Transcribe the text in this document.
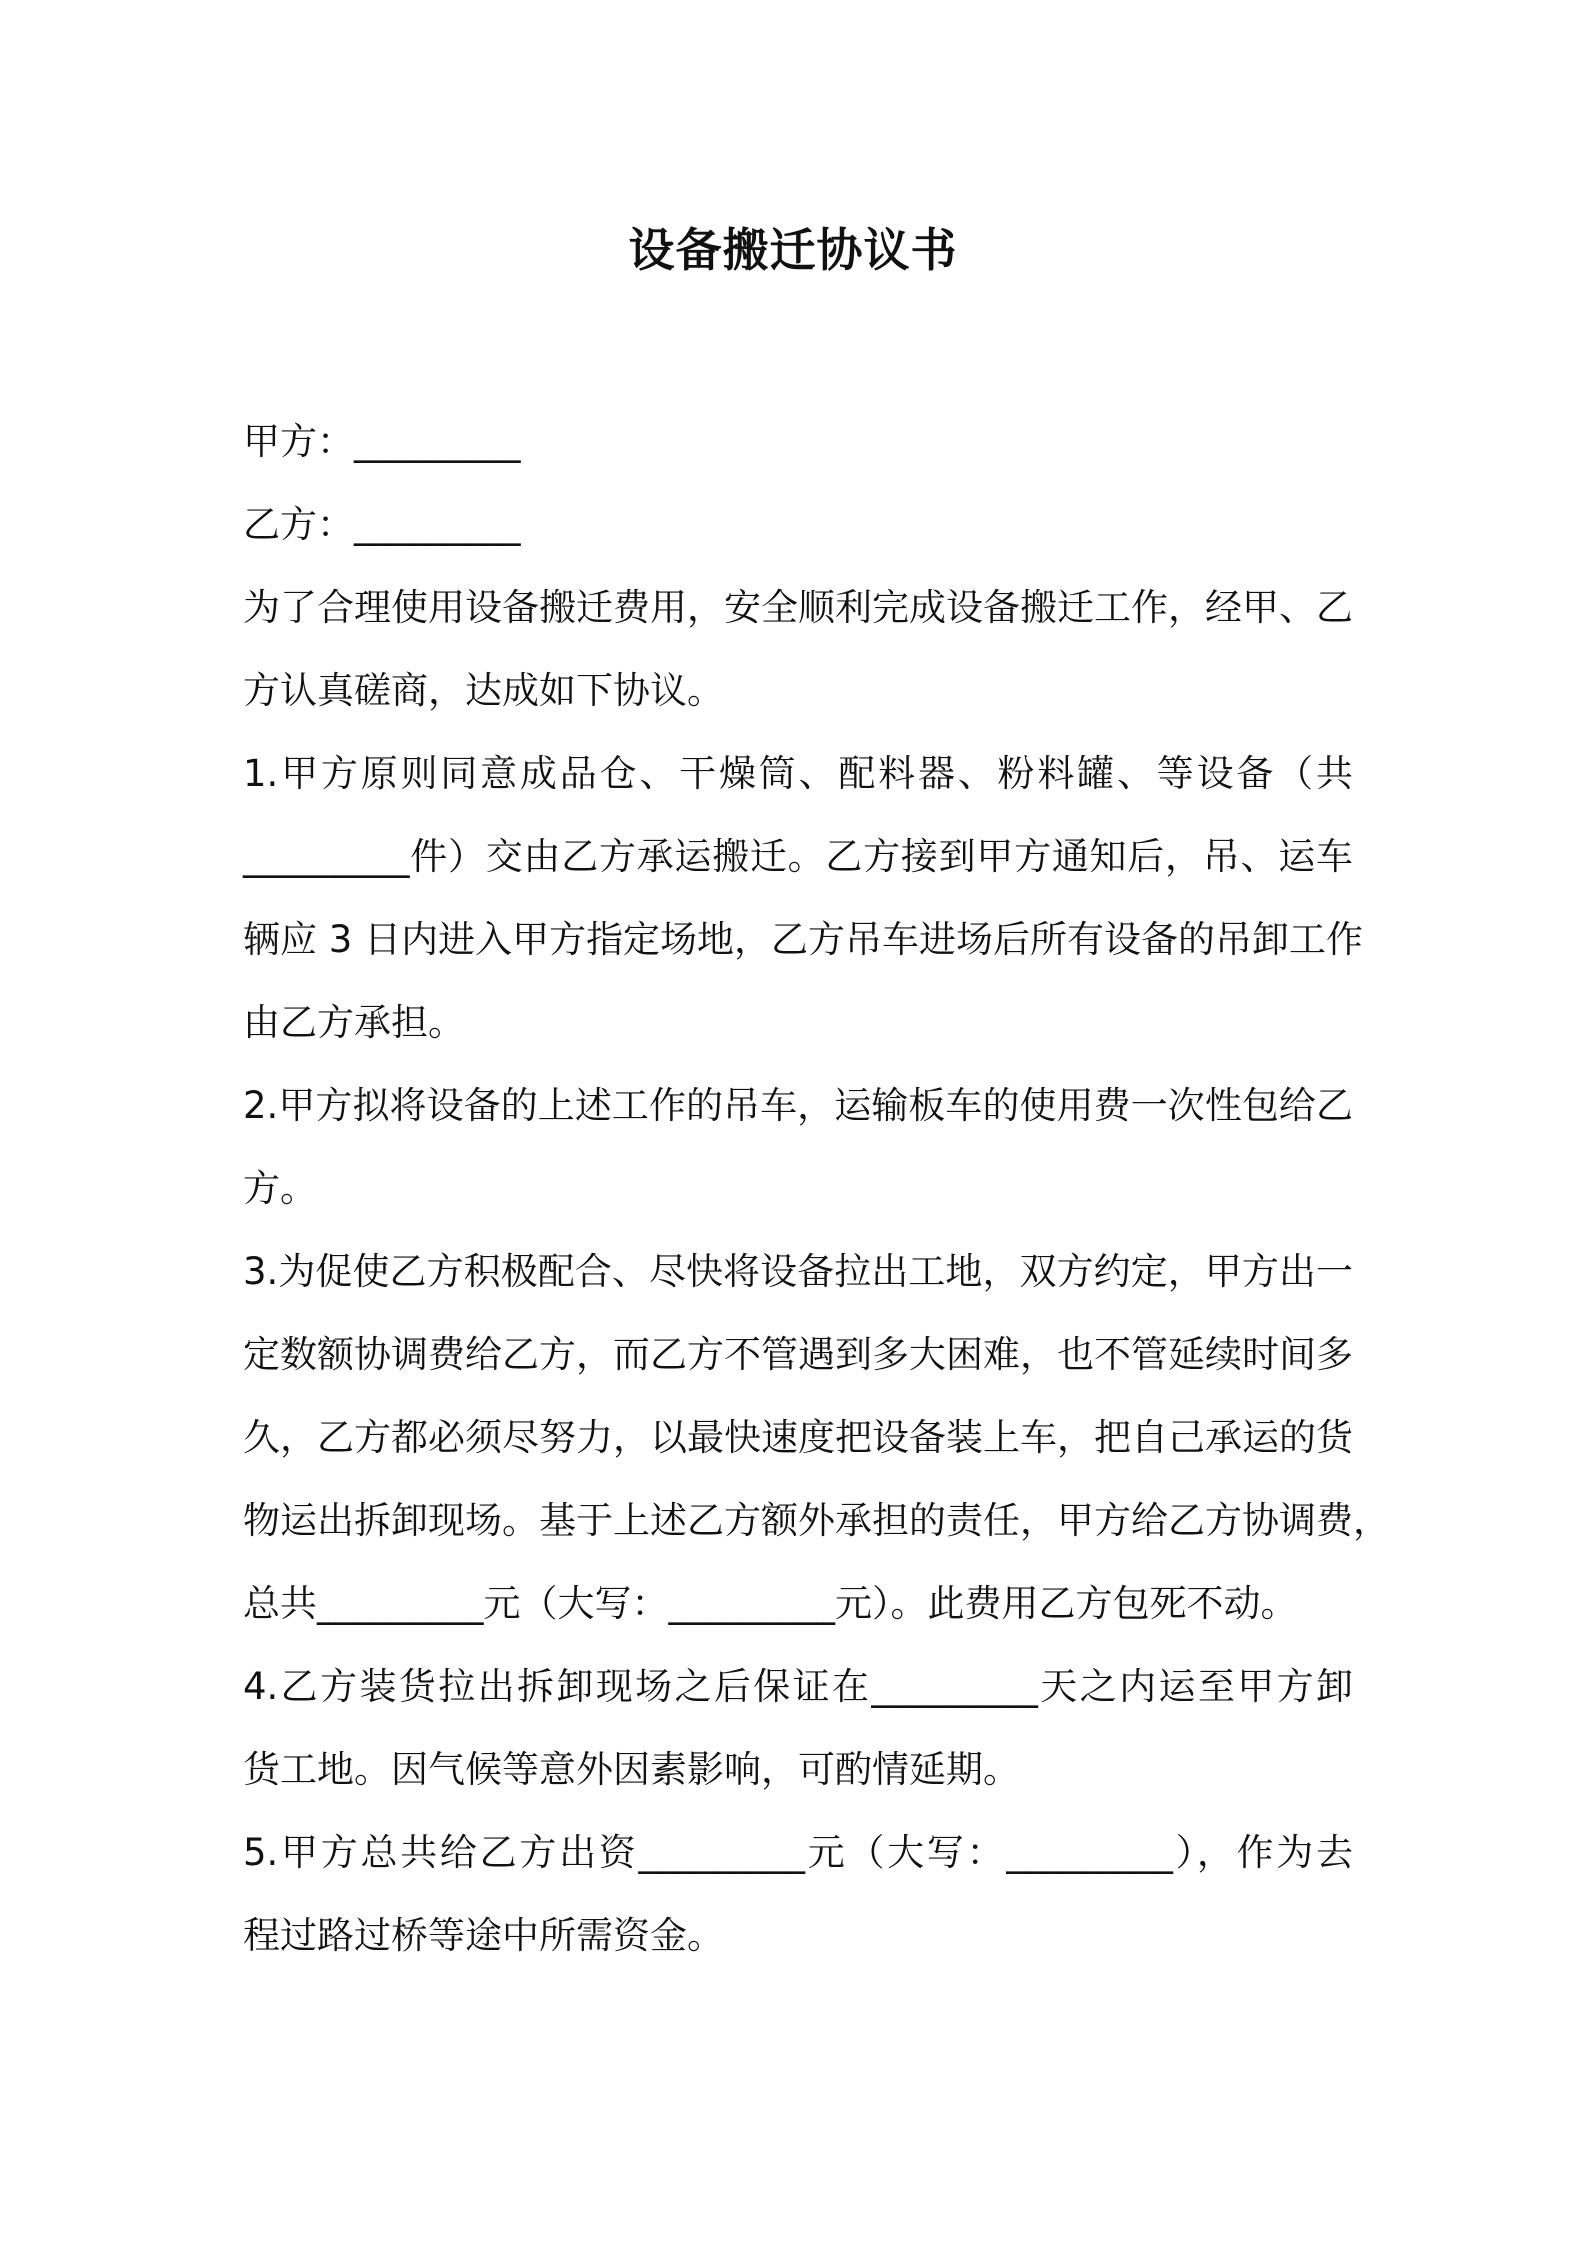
设备搬迁协议书
甲方：_________
乙方：_________
为了合理使用设备搬迁费用，安全顺利完成设备搬迁工作，经甲、乙
方认真磋商，达成如下协议。
1.甲方原则同意成品仓、干燥筒、配料器、粉料罐、等设备（共
_________件）交由乙方承运搬迁。乙方接到甲方通知后，吊、运车
辆应 3 日内进入甲方指定场地，乙方吊车进场后所有设备的吊卸工作
由乙方承担。
2.甲方拟将设备的上述工作的吊车，运输板车的使用费一次性包给乙
方。
3.为促使乙方积极配合、尽快将设备拉出工地，双方约定，甲方出一
定数额协调费给乙方，而乙方不管遇到多大困难，也不管延续时间多
久，乙方都必须尽努力，以最快速度把设备装上车，把自己承运的货
物运出拆卸现场。基于上述乙方额外承担的责任，甲方给乙方协调费，
总共_________元（大写：_________元）。此费用乙方包死不动。
4.乙方装货拉出拆卸现场之后保证在_________天之内运至甲方卸
货工地。因气候等意外因素影响，可酌情延期。
5.甲方总共给乙方出资_________元（大写：_________），作为去
程过路过桥等途中所需资金。
